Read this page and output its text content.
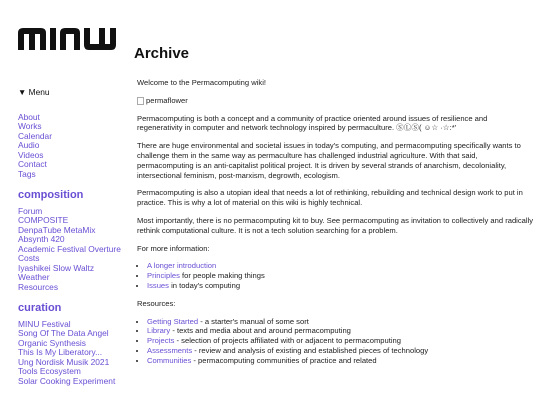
Archive
▼ Menu
About
Works
Calendar
Audio
Videos
Contact
Tags
composition
Forum
COMPOSITE
DenpaTube MetaMix
Absynth 420
Academic Festival Overture
Costs
Iyashikei Slow Waltz
Weather
Resources
curation
MINU Festival
Song Of The Data Angel
Organic Synthesis
This Is My Liberatory...
Ung Nordisk Musik 2021
Tools Ecosystem
Solar Cooking Experiment

Welcome to the Permacomputing wiki!

permaflower

Permacomputing is both a concept and a community of practice oriented around issues of resilience and regenerativity in computer and network technology inspired by permaculture. ⓈⓁⓈ( ☺☆ ·☆:*'

There are huge environmental and societal issues in today's computing, and permacomputing specifically wants to challenge them in the same way as permaculture has challenged industrial agriculture. With that said, permacomputing is an anti-capitalist political project. It is driven by several strands of anarchism, decoloniality, intersectional feminism, post-marxism, degrowth, ecologism.

Permacomputing is also a utopian ideal that needs a lot of rethinking, rebuilding and technical design work to put in practice. This is why a lot of material on this wiki is highly technical.

Most importantly, there is no permacomputing kit to buy. See permacomputing as invitation to collectively and radically rethink computational culture. It is not a tech solution searching for a problem.

For more information:

• A longer introduction
• Principles for people making things
• Issues in today's computing

Resources:

• Getting Started - a starter's manual of some sort
• Library - texts and media about and around permacomputing
• Projects - selection of projects affiliated with or adjacent to permacomputing
• Assessments - review and analysis of existing and established pieces of technology
• Communities - permacomputing communities of practice and related
